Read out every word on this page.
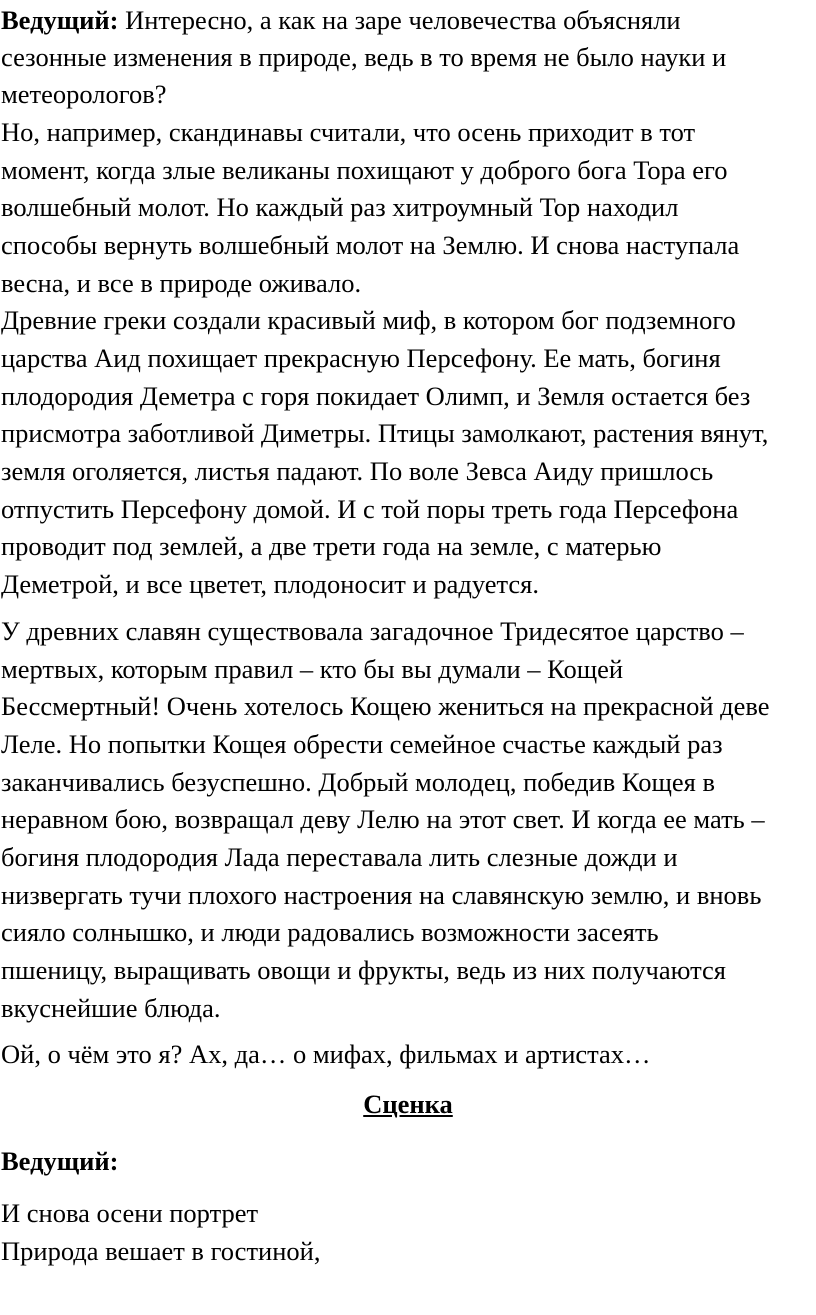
Ведущий: Интересно, а как на заре человечества объясняли
сезонные изменения в природе, ведь в то время не было науки и
метеорологов?
Но, например, скандинавы считали, что осень приходит в тот
момент, когда злые великаны похищают у доброго бога Тора его
волшебный молот. Но каждый раз хитроумный Тор находил
способы вернуть волшебный молот на Землю. И снова наступала
весна, и все в природе оживало.
Древние греки создали красивый миф, в котором бог подземного
царства Аид похищает прекрасную Персефону. Ее мать, богиня
плодородия Деметра с горя покидает Олимп, и Земля остается без
присмотра заботливой Диметры. Птицы замолкают, растения вянут,
земля оголяется, листья падают. По воле Зевса Аиду пришлось
отпустить Персефону домой. И с той поры треть года Персефона
проводит под землей, а две трети года на земле, с матерью
Деметрой, и все цветет, плодоносит и радуется.
У древних славян существовала загадочное Тридесятое царство –
мертвых, которым правил – кто бы вы думали – Кощей
Бессмертный! Очень хотелось Кощею жениться на прекрасной деве
Леле. Но попытки Кощея обрести семейное счастье каждый раз
заканчивались безуспешно. Добрый молодец, победив Кощея в
неравном бою, возвращал деву Лелю на этот свет. И когда ее мать –
богиня плодородия Лада переставала лить слезные дожди и
низвергать тучи плохого настроения на славянскую землю, и вновь
сияло солнышко, и люди радовались возможности засеять
пшеницу, выращивать овощи и фрукты, ведь из них получаются
вкуснейшие блюда.
Ой, о чём это я? Ах, да… о мифах, фильмах и артистах…
Сценка
Ведущий:
И снова осени портрет
Природа вешает в гостиной,
